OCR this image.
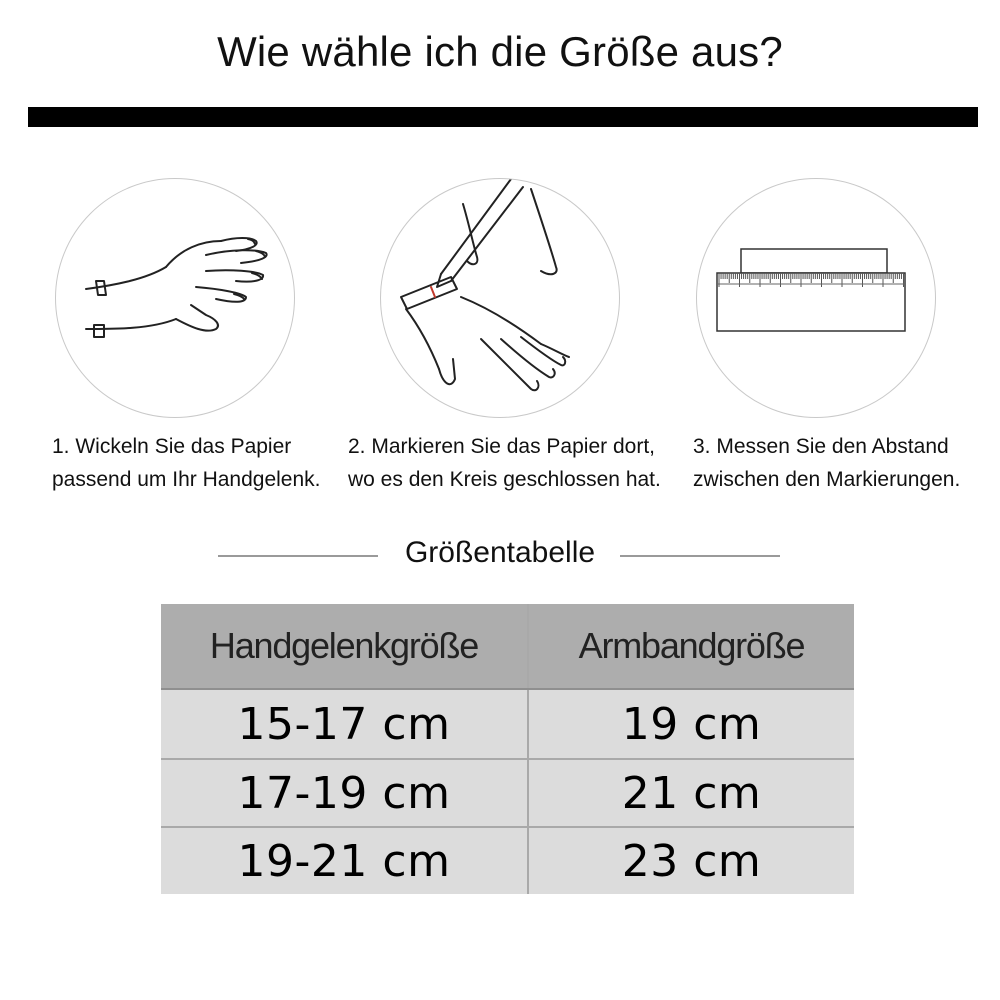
Wie wähle ich die Größe aus?
1. Wickeln Sie das Papier
passend um Ihr Handgelenk.
2. Markieren Sie das Papier dort,
wo es den Kreis geschlossen hat.
3. Messen Sie den Abstand
zwischen den Markierungen.
Größentabelle
Handgelenkgröße	Armbandgröße
15-17 cm	19 cm
17-19 cm	21 cm
19-21 cm	23 cm
